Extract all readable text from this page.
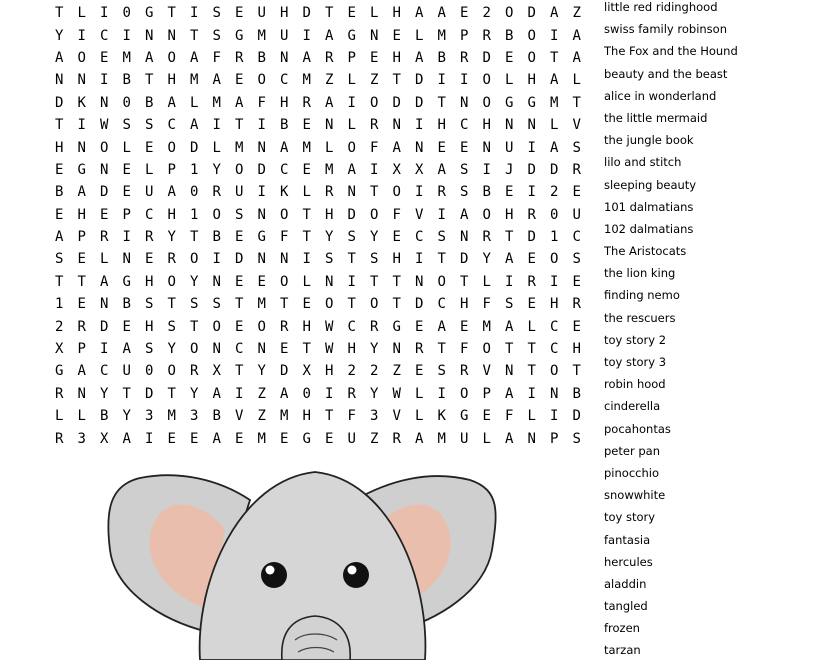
T	L	I	0	G	T	I	S	E	U	H	D	T	E	L	H	A	A	E	2	O	D	A	Z
Y	I	C	I	N	N	T	S	G	M	U	I	A	G	N	E	L	M	P	R	B	O	I	A
A	O	E	M	A	O	A	F	R	B	N	A	R	P	E	H	A	B	R	D	E	O	T	A
N	N	I	B	T	H	M	A	E	O	C	M	Z	L	Z	T	D	I	I	O	L	H	A	L
D	K	N	0	B	A	L	M	A	F	H	R	A	I	O	D	D	T	N	O	G	G	M	T
T	I	W	S	S	C	A	I	T	I	B	E	N	L	R	N	I	H	C	H	N	N	L	V
H	N	O	L	E	O	D	L	M	N	A	M	L	O	F	A	N	E	E	N	U	I	A	S
E	G	N	E	L	P	1	Y	O	D	C	E	M	A	I	X	X	A	S	I	J	D	D	R
B	A	D	E	U	A	0	R	U	I	K	L	R	N	T	O	I	R	S	B	E	I	2	E
E	H	E	P	C	H	1	O	S	N	O	T	H	D	O	F	V	I	A	O	H	R	0	U
A	P	R	I	R	Y	T	B	E	G	F	T	Y	S	Y	E	C	S	N	R	T	D	1	C
S	E	L	N	E	R	O	I	D	N	N	I	S	T	S	H	I	T	D	Y	A	E	O	S
T	T	A	G	H	O	Y	N	E	E	O	L	N	I	T	T	N	O	T	L	I	R	I	E
1	E	N	B	S	T	S	S	T	M	T	E	O	T	O	T	D	C	H	F	S	E	H	R
2	R	D	E	H	S	T	O	E	O	R	H	W	C	R	G	E	A	E	M	A	L	C	E
X	P	I	A	S	Y	O	N	C	N	E	T	W	H	Y	N	R	T	F	O	T	T	C	H
G	A	C	U	0	O	R	X	T	Y	D	X	H	2	2	Z	E	S	R	V	N	T	O	T
R	N	Y	T	D	T	Y	A	I	Z	A	0	I	R	Y	W	L	I	O	P	A	I	N	B
L	L	B	Y	3	M	3	B	V	Z	M	H	T	F	3	V	L	K	G	E	F	L	I	D
R	3	X	A	I	E	E	A	E	M	E	G	E	U	Z	R	A	M	U	L	A	N	P	S
little red ridinghood
swiss family robinson
The Fox and the Hound
beauty and the beast
alice in wonderland
the little mermaid
the jungle book
lilo and stitch
sleeping beauty
101 dalmatians
102 dalmatians
The Aristocats
the lion king
finding nemo
the rescuers
toy story 2
toy story 3
robin hood
cinderella
pocahontas
peter pan
pinocchio
snowwhite
toy story
fantasia
hercules
aladdin
tangled
frozen
tarzan
